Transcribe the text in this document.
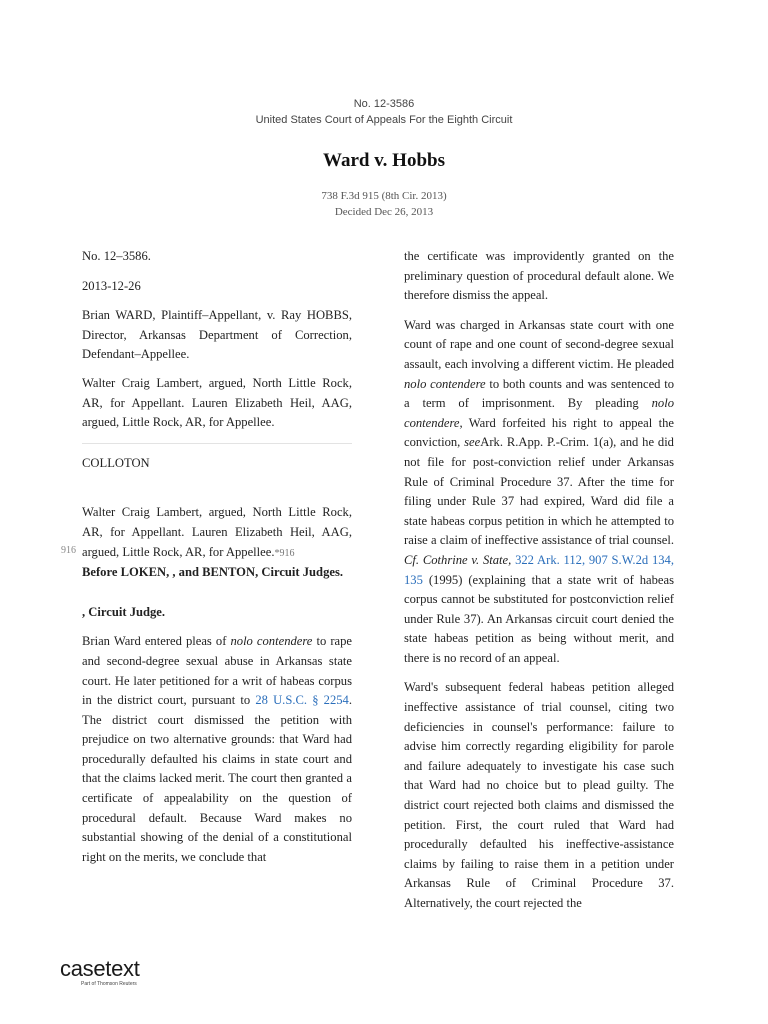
No. 12-3586
United States Court of Appeals For the Eighth Circuit
Ward v. Hobbs
738 F.3d 915 (8th Cir. 2013)
Decided Dec 26, 2013

No. 12–3586.

2013-12-26

Brian WARD, Plaintiff–Appellant, v. Ray HOBBS, Director, Arkansas Department of Correction, Defendant–Appellee.

Walter Craig Lambert, argued, North Little Rock, AR, for Appellant. Lauren Elizabeth Heil, AAG, argued, Little Rock, AR, for Appellee.

COLLOTON

Walter Craig Lambert, argued, North Little Rock, AR, for Appellant. Lauren Elizabeth Heil, AAG, argued, Little Rock, AR, for Appellee.*916

Before LOKEN, , and BENTON, Circuit Judges.

, Circuit Judge.

Brian Ward entered pleas of nolo contendere to rape and second-degree sexual abuse in Arkansas state court. He later petitioned for a writ of habeas corpus in the district court, pursuant to 28 U.S.C. § 2254. The district court dismissed the petition with prejudice on two alternative grounds: that Ward had procedurally defaulted his claims in state court and that the claims lacked merit. The court then granted a certificate of appealability on the question of procedural default. Because Ward makes no substantial showing of the denial of a constitutional right on the merits, we conclude that

916

the certificate was improvidently granted on the preliminary question of procedural default alone. We therefore dismiss the appeal.

Ward was charged in Arkansas state court with one count of rape and one count of second-degree sexual assault, each involving a different victim. He pleaded nolo contendere to both counts and was sentenced to a term of imprisonment. By pleading nolo contendere, Ward forfeited his right to appeal the conviction, seeArk. R.App. P.-Crim. 1(a), and he did not file for post-conviction relief under Arkansas Rule of Criminal Procedure 37. After the time for filing under Rule 37 had expired, Ward did file a state habeas corpus petition in which he attempted to raise a claim of ineffective assistance of trial counsel. Cf. Cothrine v. State, 322 Ark. 112, 907 S.W.2d 134, 135 (1995) (explaining that a state writ of habeas corpus cannot be substituted for postconviction relief under Rule 37). An Arkansas circuit court denied the state habeas petition as being without merit, and there is no record of an appeal.

Ward's subsequent federal habeas petition alleged ineffective assistance of trial counsel, citing two deficiencies in counsel's performance: failure to advise him correctly regarding eligibility for parole and failure adequately to investigate his case such that Ward had no choice but to plead guilty. The district court rejected both claims and dismissed the petition. First, the court ruled that Ward had procedurally defaulted his ineffective-assistance claims by failing to raise them in a petition under Arkansas Rule of Criminal Procedure 37. Alternatively, the court rejected the

casetext
Part of Thomson Reuters
